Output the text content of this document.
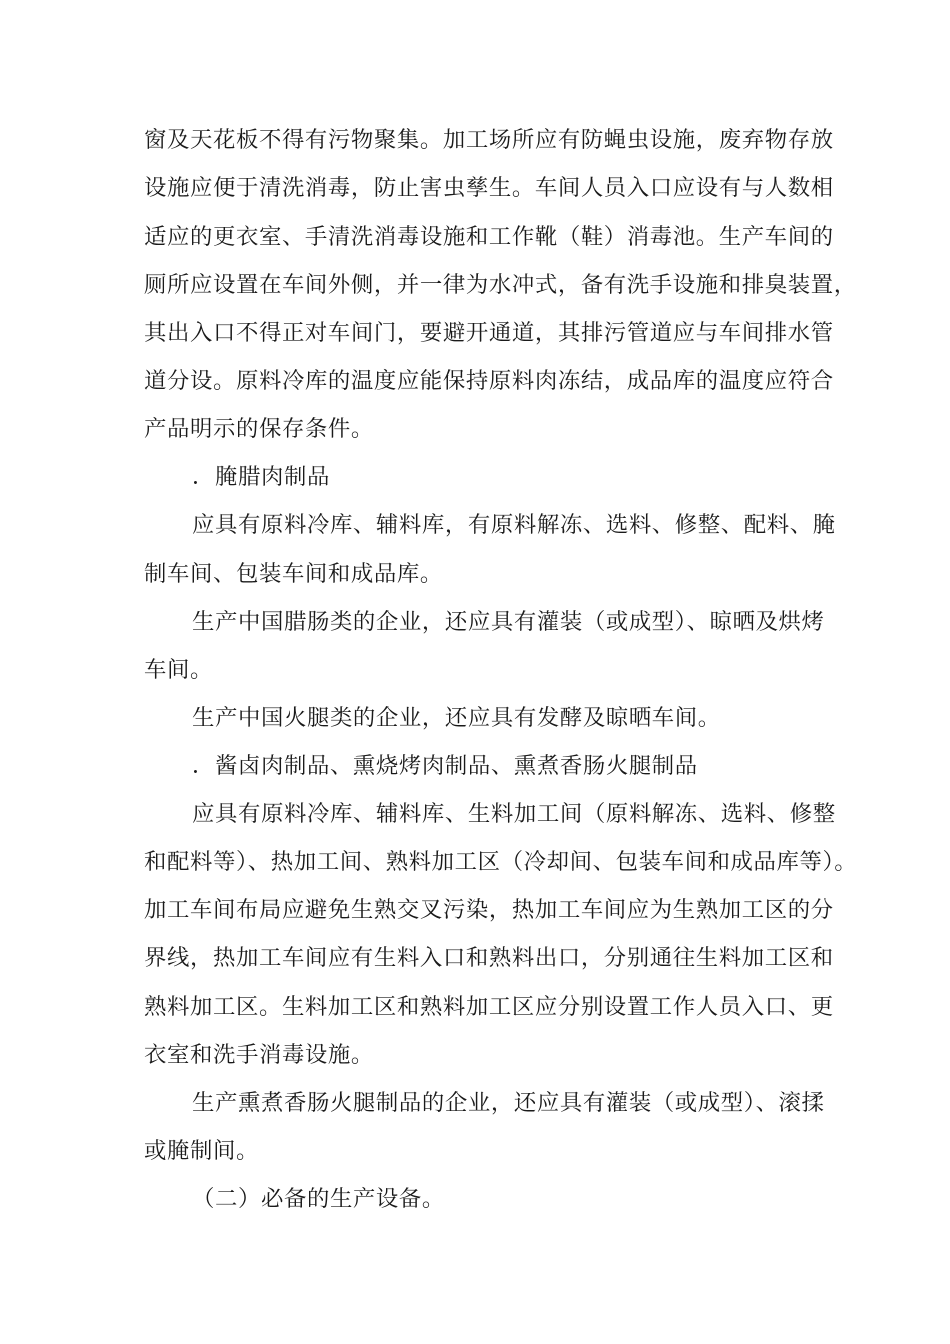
窗及天花板不得有污物聚集。加工场所应有防蝇虫设施，废弃物存放
设施应便于清洗消毒，防止害虫孳生。车间人员入口应设有与人数相
适应的更衣室、手清洗消毒设施和工作靴（鞋）消毒池。生产车间的
厕所应设置在车间外侧，并一律为水冲式，备有洗手设施和排臭装置，
其出入口不得正对车间门，要避开通道，其排污管道应与车间排水管
道分设。原料冷库的温度应能保持原料肉冻结，成品库的温度应符合
产品明示的保存条件。
．腌腊肉制品
应具有原料冷库、辅料库，有原料解冻、选料、修整、配料、腌
制车间、包装车间和成品库。
生产中国腊肠类的企业，还应具有灌装（或成型）、晾晒及烘烤
车间。
生产中国火腿类的企业，还应具有发酵及晾晒车间。
．酱卤肉制品、熏烧烤肉制品、熏煮香肠火腿制品
应具有原料冷库、辅料库、生料加工间（原料解冻、选料、修整
和配料等）、热加工间、熟料加工区（冷却间、包装车间和成品库等）。
加工车间布局应避免生熟交叉污染，热加工车间应为生熟加工区的分
界线，热加工车间应有生料入口和熟料出口，分别通往生料加工区和
熟料加工区。生料加工区和熟料加工区应分别设置工作人员入口、更
衣室和洗手消毒设施。
生产熏煮香肠火腿制品的企业，还应具有灌装（或成型）、滚揉
或腌制间。
（二）必备的生产设备。
